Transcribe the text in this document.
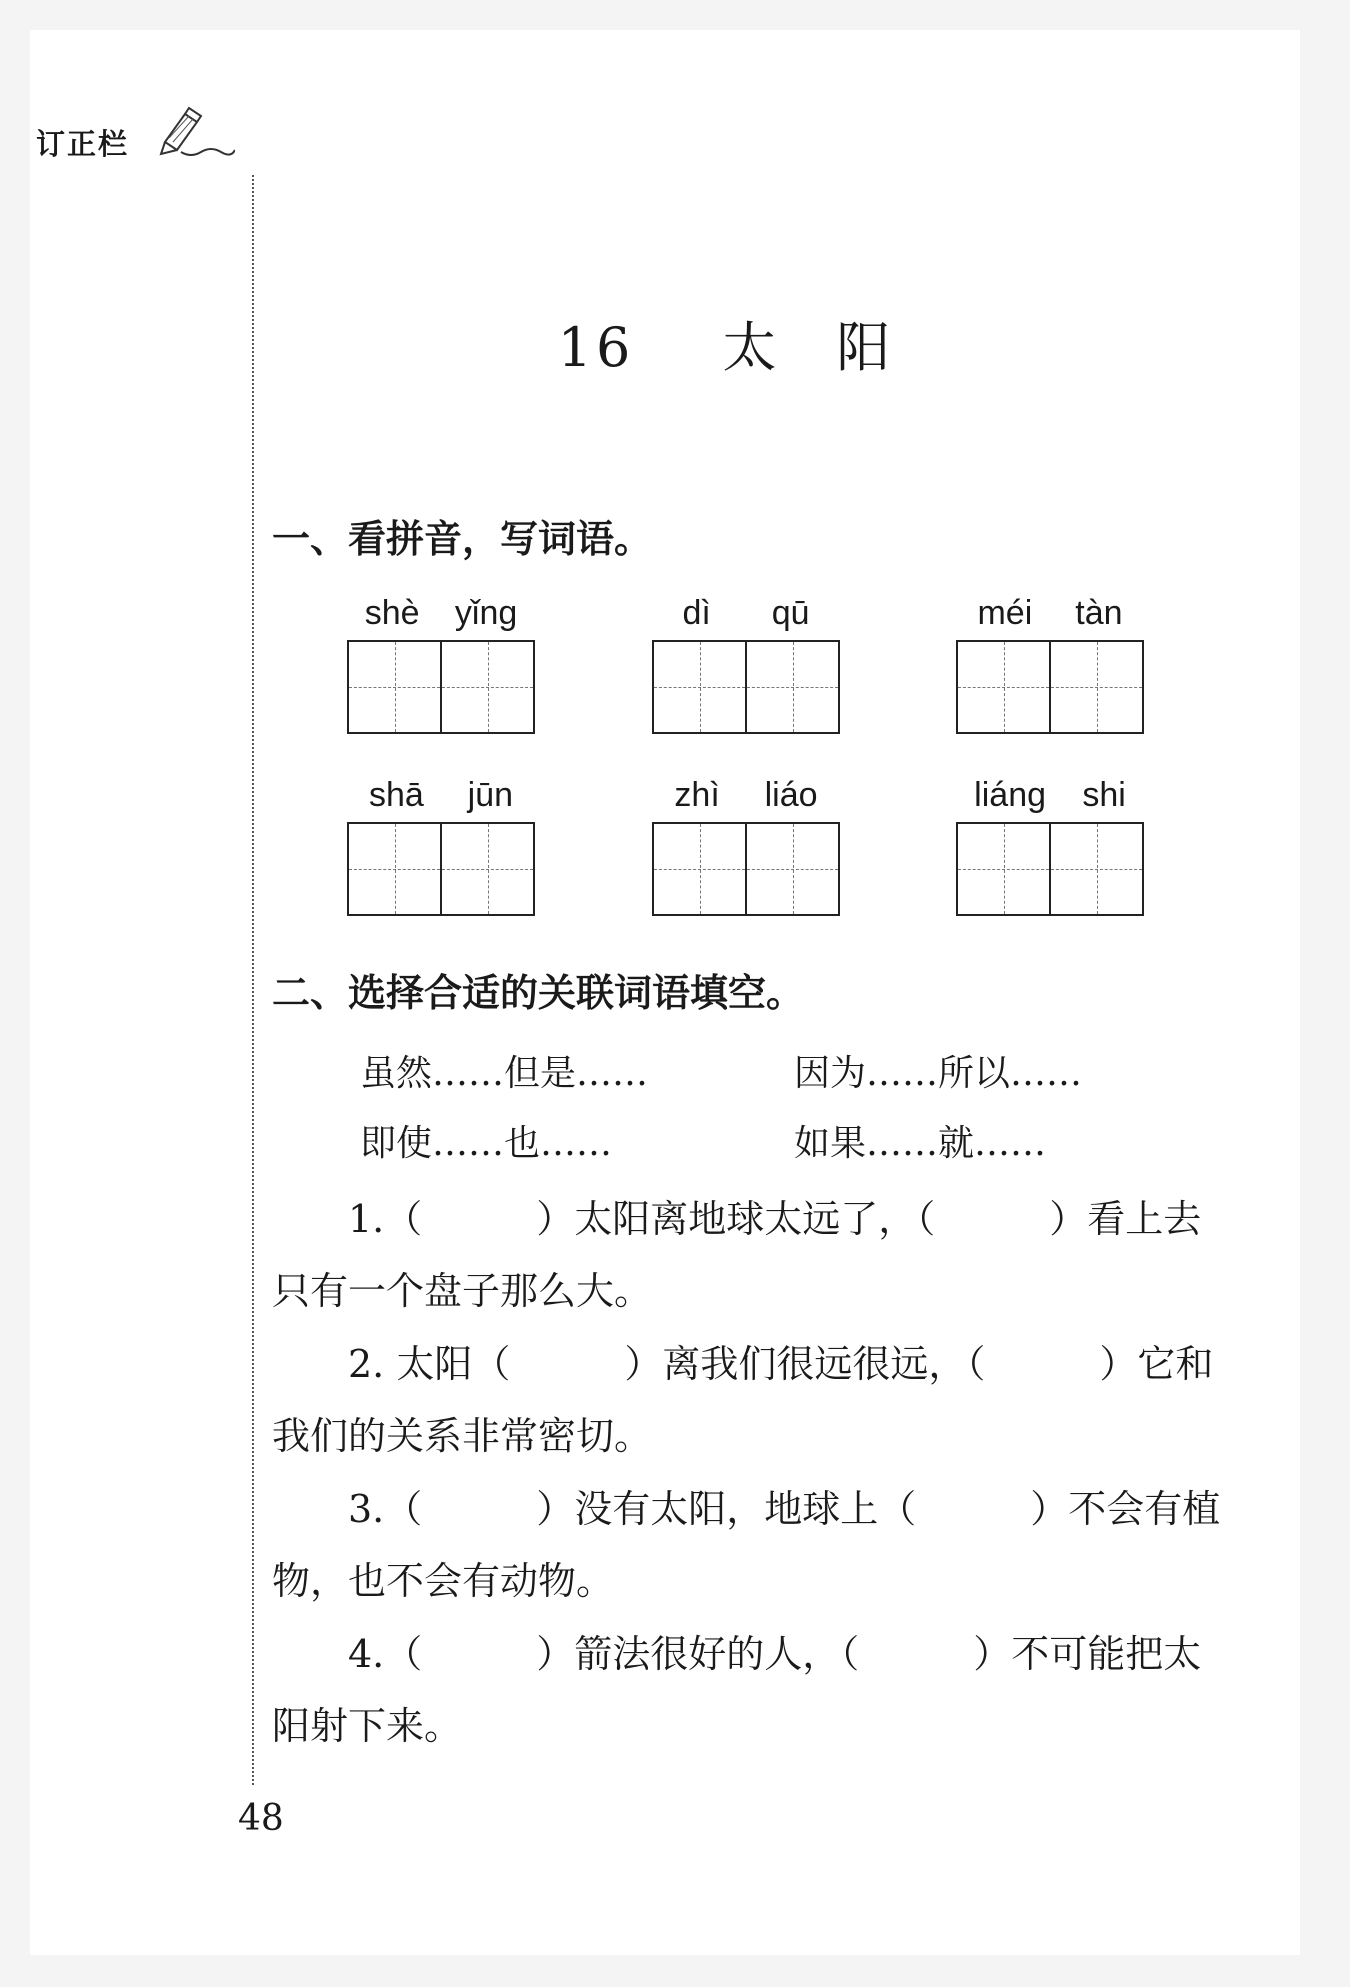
订正栏
16 太 阳
一、看拼音，写词语。
shè yǐng	dì qū	méi tàn
shā jūn	zhì liáo	liáng shi
二、选择合适的关联词语填空。
虽然……但是……	因为……所以……
即使……也……	如果……就……
1.（　　　）太阳离地球太远了，（　　　）看上去
只有一个盘子那么大。
2. 太阳（　　　）离我们很远很远，（　　　）它和
我们的关系非常密切。
3.（　　　）没有太阳，地球上（　　　）不会有植
物，也不会有动物。
4.（　　　）箭法很好的人，（　　　）不可能把太
阳射下来。
48
